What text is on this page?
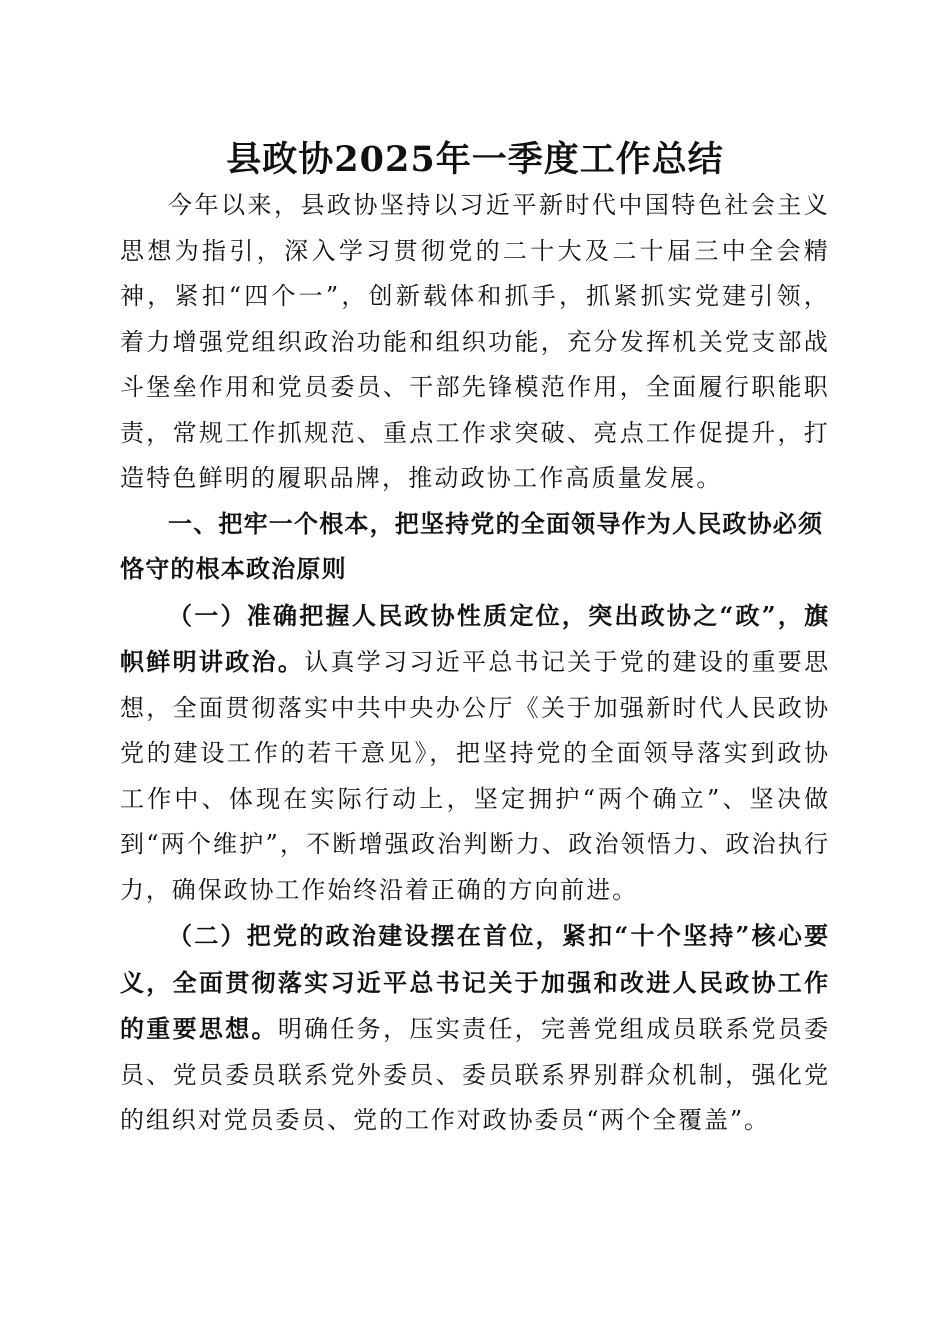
县政协2025年一季度工作总结

今年以来，县政协坚持以习近平新时代中国特色社会主义思想为指引，深入学习贯彻党的二十大及二十届三中全会精神，紧扣“四个一”，创新载体和抓手，抓紧抓实党建引领，着力增强党组织政治功能和组织功能，充分发挥机关党支部战斗堡垒作用和党员委员、干部先锋模范作用，全面履行职能职责，常规工作抓规范、重点工作求突破、亮点工作促提升，打造特色鲜明的履职品牌，推动政协工作高质量发展。

一、把牢一个根本，把坚持党的全面领导作为人民政协必须恪守的根本政治原则

（一）准确把握人民政协性质定位，突出政协之“政”，旗帜鲜明讲政治。认真学习习近平总书记关于党的建设的重要思想，全面贯彻落实中共中央办公厅《关于加强新时代人民政协党的建设工作的若干意见》，把坚持党的全面领导落实到政协工作中、体现在实际行动上，坚定拥护“两个确立”、坚决做到“两个维护”，不断增强政治判断力、政治领悟力、政治执行力，确保政协工作始终沿着正确的方向前进。

（二）把党的政治建设摆在首位，紧扣“十个坚持”核心要义，全面贯彻落实习近平总书记关于加强和改进人民政协工作的重要思想。明确任务，压实责任，完善党组成员联系党员委员、党员委员联系党外委员、委员联系界别群众机制，强化党的组织对党员委员、党的工作对政协委员“两个全覆盖”。
